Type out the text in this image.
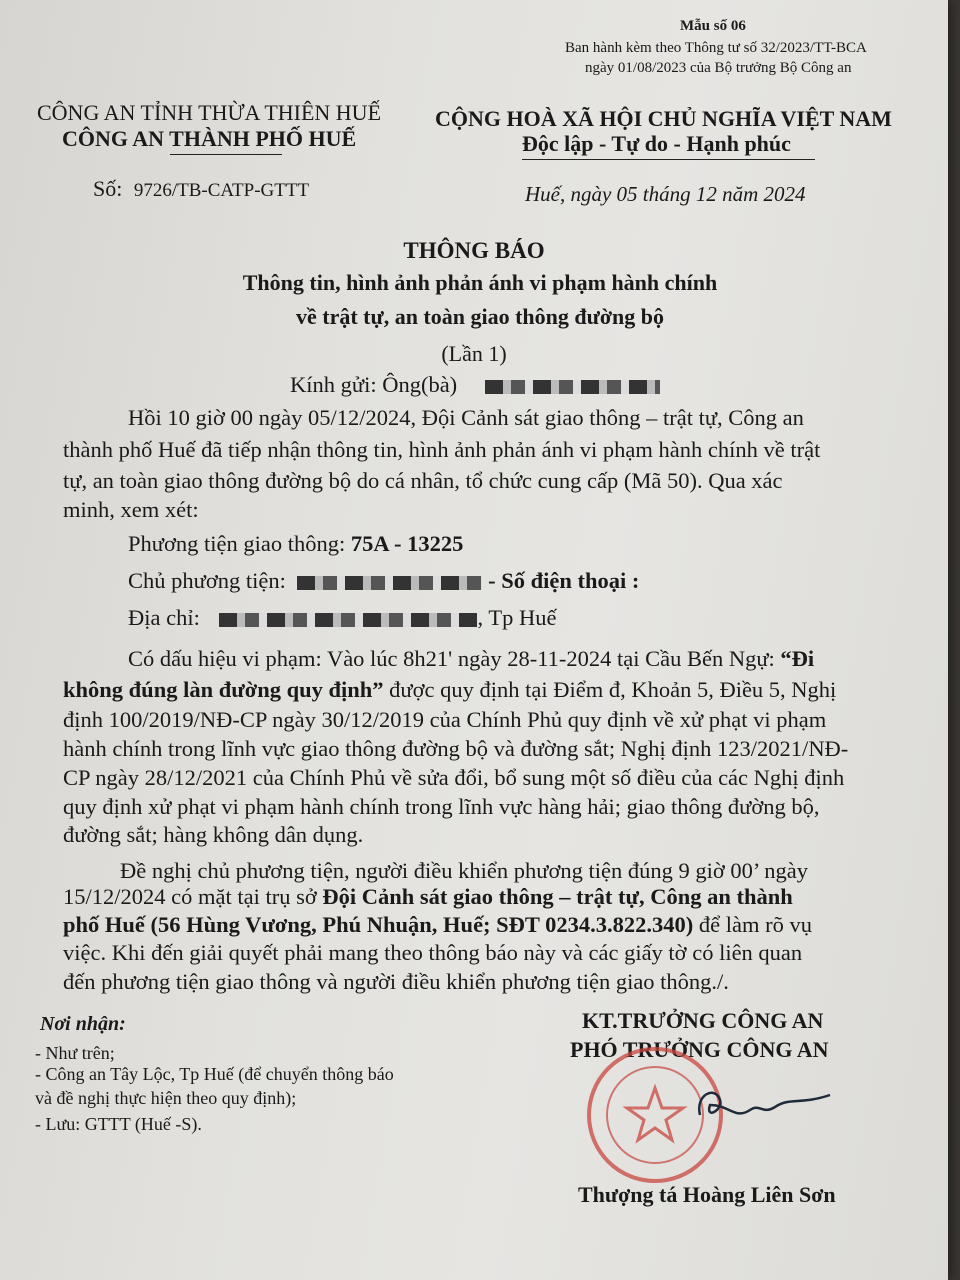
Mẫu số 06
Ban hành kèm theo Thông tư số 32/2023/TT-BCA
ngày 01/08/2023 của Bộ trưởng Bộ Công an
CÔNG AN TỈNH THỪA THIÊN HUẾ
CÔNG AN THÀNH PHỐ HUẾ
Số: 9726/TB-CATP-GTTT
CỘNG HOÀ XÃ HỘI CHỦ NGHĨA VIỆT NAM
Độc lập - Tự do - Hạnh phúc
Huế, ngày 05 tháng 12 năm 2024
THÔNG BÁO
Thông tin, hình ảnh phản ánh vi phạm hành chính
về trật tự, an toàn giao thông đường bộ
(Lần 1)
Kính gửi: Ông(bà)
Hồi 10 giờ 00 ngày 05/12/2024, Đội Cảnh sát giao thông – trật tự, Công an
thành phố Huế đã tiếp nhận thông tin, hình ảnh phản ánh vi phạm hành chính về trật
tự, an toàn giao thông đường bộ do cá nhân, tổ chức cung cấp (Mã 50). Qua xác
minh, xem xét:
Phương tiện giao thông: 75A - 13225
Chủ phương tiện:	- Số điện thoại :
Địa chỉ:	, Tp Huế
Có dấu hiệu vi phạm: Vào lúc 8h21' ngày 28-11-2024 tại Cầu Bến Ngự: “Đi
không đúng làn đường quy định” được quy định tại Điểm đ, Khoản 5, Điều 5, Nghị
định 100/2019/NĐ-CP ngày 30/12/2019 của Chính Phủ quy định về xử phạt vi phạm
hành chính trong lĩnh vực giao thông đường bộ và đường sắt; Nghị định 123/2021/NĐ-
CP ngày 28/12/2021 của Chính Phủ về sửa đổi, bổ sung một số điều của các Nghị định
quy định xử phạt vi phạm hành chính trong lĩnh vực hàng hải; giao thông đường bộ,
đường sắt; hàng không dân dụng.
Đề nghị chủ phương tiện, người điều khiển phương tiện đúng 9 giờ 00’ ngày
15/12/2024 có mặt tại trụ sở Đội Cảnh sát giao thông – trật tự, Công an thành
phố Huế (56 Hùng Vương, Phú Nhuận, Huế; SĐT 0234.3.822.340) để làm rõ vụ
việc. Khi đến giải quyết phải mang theo thông báo này và các giấy tờ có liên quan
đến phương tiện giao thông và người điều khiển phương tiện giao thông./.
Nơi nhận:
- Như trên;
- Công an Tây Lộc, Tp Huế (để chuyển thông báo
và đề nghị thực hiện theo quy định);
- Lưu: GTTT (Huế -S).
KT.TRƯỞNG CÔNG AN
PHÓ TRƯỞNG CÔNG AN
Thượng tá Hoàng Liên Sơn
